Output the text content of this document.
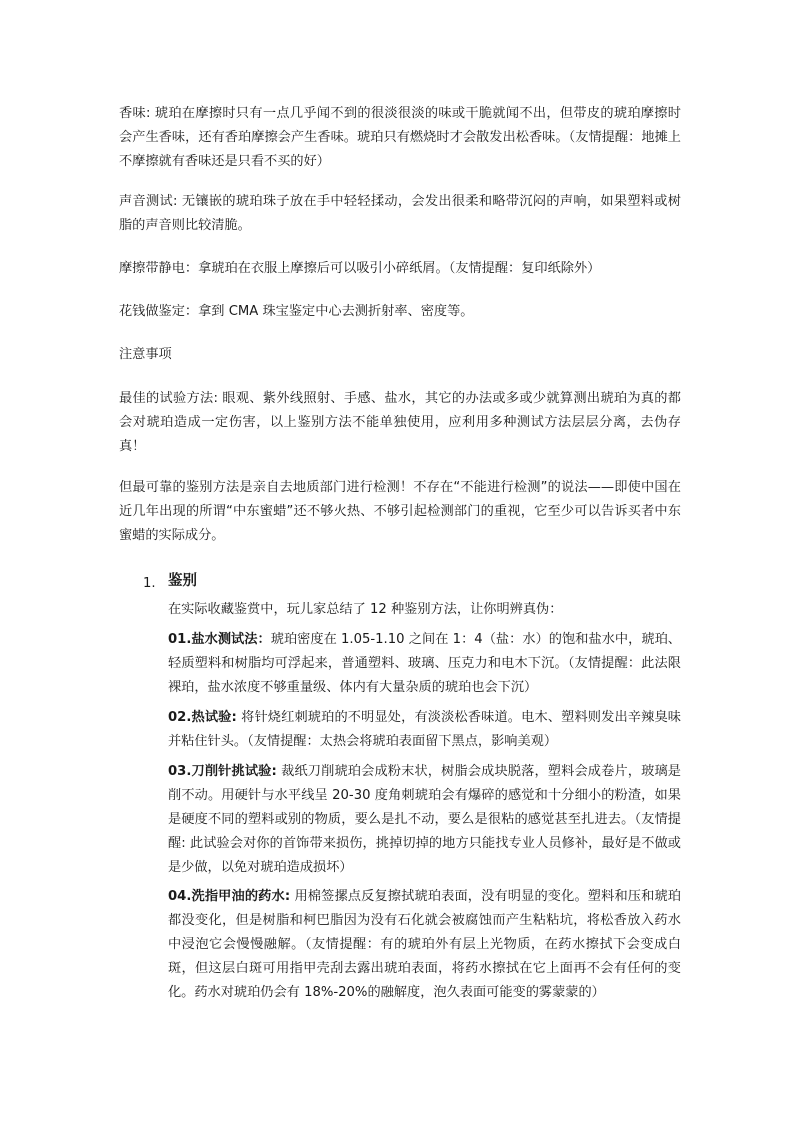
香味: 琥珀在摩擦时只有一点几乎闻不到的很淡很淡的味或干脆就闻不出，但带皮的琥珀摩擦时会产生香味，还有香珀摩擦会产生香味。琥珀只有燃烧时才会散发出松香味。（友情提醒：地摊上不摩擦就有香味还是只看不买的好）

声音测试: 无镶嵌的琥珀珠子放在手中轻轻揉动，会发出很柔和略带沉闷的声响，如果塑料或树脂的声音则比较清脆。

摩擦带静电：拿琥珀在衣服上摩擦后可以吸引小碎纸屑。（友情提醒：复印纸除外）

花钱做鉴定：拿到 CMA 珠宝鉴定中心去测折射率、密度等。

注意事项

最佳的试验方法: 眼观、紫外线照射、手感、盐水，其它的办法或多或少就算测出琥珀为真的都会对琥珀造成一定伤害，以上鉴别方法不能单独使用，应利用多种测试方法层层分离，去伪存真！

但最可靠的鉴别方法是亲自去地质部门进行检测！不存在“不能进行检测”的说法——即使中国在近几年出现的所谓“中东蜜蜡”还不够火热、不够引起检测部门的重视，它至少可以告诉买者中东蜜蜡的实际成分。

1. 鉴别

在实际收藏鉴赏中，玩儿家总结了 12 种鉴别方法，让你明辨真伪：

01.盐水测试法：琥珀密度在 1.05-1.10 之间在 1：4（盐：水）的饱和盐水中，琥珀、轻质塑料和树脂均可浮起来，普通塑料、玻璃、压克力和电木下沉。（友情提醒：此法限裸珀，盐水浓度不够重量级、体内有大量杂质的琥珀也会下沉）

02.热试验: 将针烧红刺琥珀的不明显处，有淡淡松香味道。电木、塑料则发出辛辣臭味并粘住针头。（友情提醒：太热会将琥珀表面留下黑点，影响美观）

03.刀削针挑试验: 裁纸刀削琥珀会成粉末状，树脂会成块脱落，塑料会成卷片，玻璃是削不动。用硬针与水平线呈 20-30 度角刺琥珀会有爆碎的感觉和十分细小的粉渣，如果是硬度不同的塑料或别的物质，要么是扎不动，要么是很粘的感觉甚至扎进去。（友情提醒: 此试验会对你的首饰带来损伤，挑掉切掉的地方只能找专业人员修补，最好是不做或是少做，以免对琥珀造成损坏）

04.洗指甲油的药水: 用棉签摞点反复擦拭琥珀表面，没有明显的变化。塑料和压和琥珀都没变化，但是树脂和柯巴脂因为没有石化就会被腐蚀而产生粘粘坑，将松香放入药水中浸泡它会慢慢融解。（友情提醒：有的琥珀外有层上光物质，在药水擦拭下会变成白斑，但这层白斑可用指甲壳刮去露出琥珀表面，将药水擦拭在它上面再不会有任何的变化。药水对琥珀仍会有 18%-20%的融解度，泡久表面可能变的雾蒙蒙的）
